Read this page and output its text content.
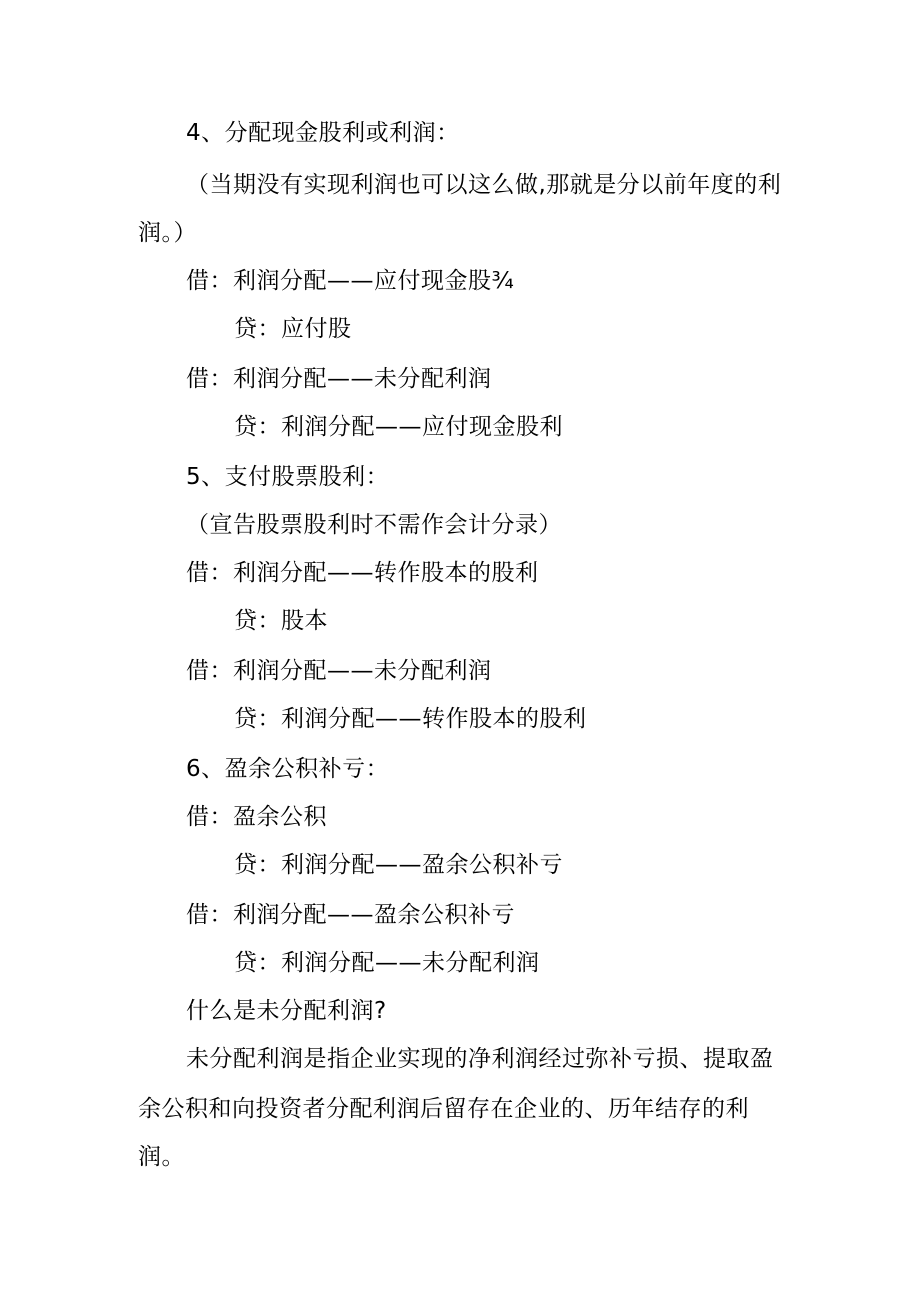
4、分配现金股利或利润：
（当期没有实现利润也可以这么做,那就是分以前年度的利
润。）
借：利润分配——应付现金股¾
贷：应付股
借：利润分配——未分配利润
贷：利润分配——应付现金股利
5、支付股票股利：
（宣告股票股利时不需作会计分录）
借：利润分配——转作股本的股利
贷：股本
借：利润分配——未分配利润
贷：利润分配——转作股本的股利
6、盈余公积补亏：
借：盈余公积
贷：利润分配——盈余公积补亏
借：利润分配——盈余公积补亏
贷：利润分配——未分配利润
什么是未分配利润?
未分配利润是指企业实现的净利润经过弥补亏损、提取盈
余公积和向投资者分配利润后留存在企业的、历年结存的利
润。
